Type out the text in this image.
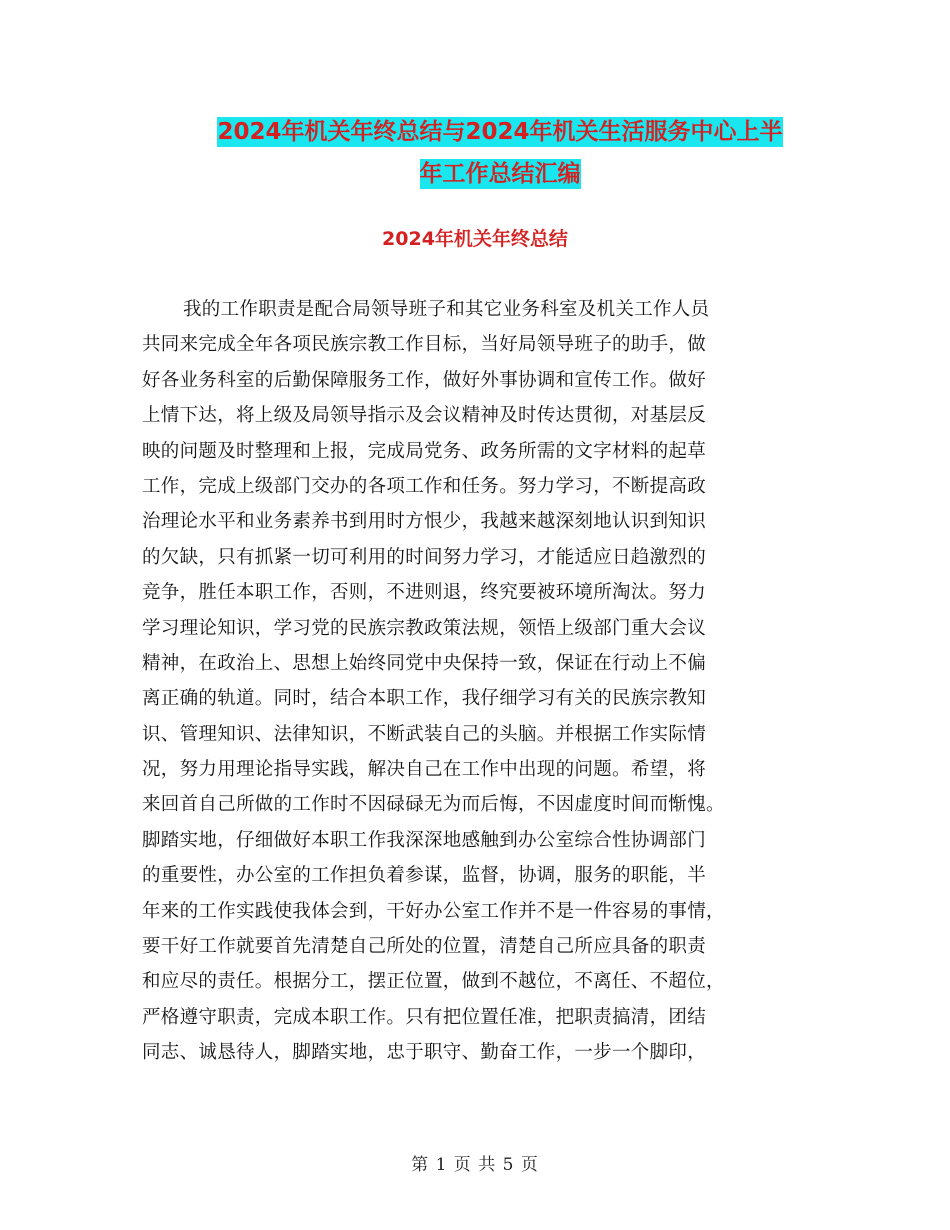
2024年机关年终总结与2024年机关生活服务中心上半
年工作总结汇编
2024年机关年终总结
我的工作职责是配合局领导班子和其它业务科室及机关工作人员
共同来完成全年各项民族宗教工作目标，当好局领导班子的助手，做
好各业务科室的后勤保障服务工作，做好外事协调和宣传工作。做好
上情下达，将上级及局领导指示及会议精神及时传达贯彻，对基层反
映的问题及时整理和上报，完成局党务、政务所需的文字材料的起草
工作，完成上级部门交办的各项工作和任务。努力学习，不断提高政
治理论水平和业务素养书到用时方恨少，我越来越深刻地认识到知识
的欠缺，只有抓紧一切可利用的时间努力学习，才能适应日趋激烈的
竞争，胜任本职工作，否则，不进则退，终究要被环境所淘汰。努力
学习理论知识，学习党的民族宗教政策法规，领悟上级部门重大会议
精神，在政治上、思想上始终同党中央保持一致，保证在行动上不偏
离正确的轨道。同时，结合本职工作，我仔细学习有关的民族宗教知
识、管理知识、法律知识，不断武装自己的头脑。并根据工作实际情
况，努力用理论指导实践，解决自己在工作中出现的问题。希望，将
来回首自己所做的工作时不因碌碌无为而后悔，不因虚度时间而惭愧。
脚踏实地，仔细做好本职工作我深深地感触到办公室综合性协调部门
的重要性，办公室的工作担负着参谋，监督，协调，服务的职能，半
年来的工作实践使我体会到，干好办公室工作并不是一件容易的事情，
要干好工作就要首先清楚自己所处的位置，清楚自己所应具备的职责
和应尽的责任。根据分工，摆正位置，做到不越位，不离任、不超位，
严格遵守职责，完成本职工作。只有把位置任准，把职责搞清，团结
同志、诚恳待人，脚踏实地，忠于职守、勤奋工作，一步一个脚印，
第 1 页 共 5 页
